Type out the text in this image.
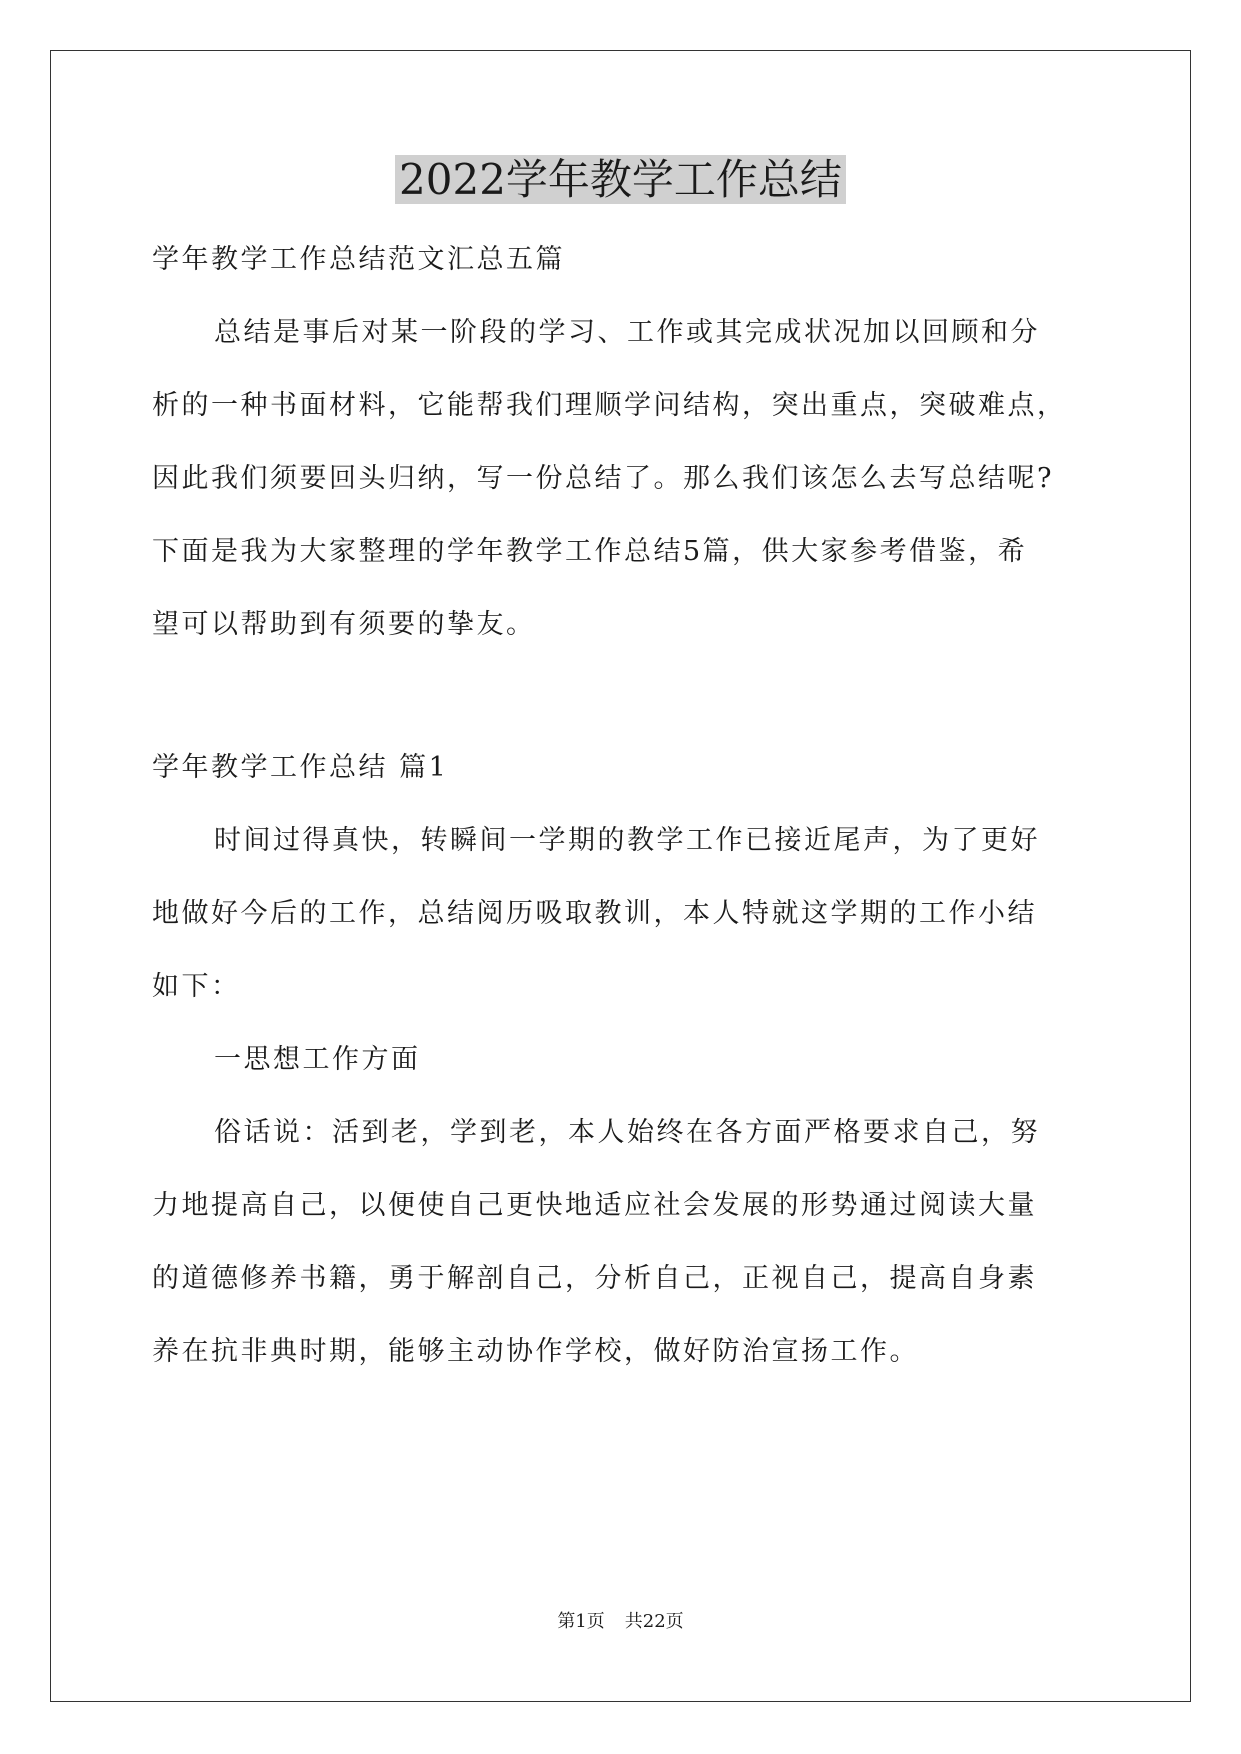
2022学年教学工作总结
学年教学工作总结范文汇总五篇
总结是事后对某一阶段的学习、工作或其完成状况加以回顾和分
析的一种书面材料，它能帮我们理顺学问结构，突出重点，突破难点，
因此我们须要回头归纳，写一份总结了。那么我们该怎么去写总结呢?
下面是我为大家整理的学年教学工作总结5篇，供大家参考借鉴，希
望可以帮助到有须要的挚友。
学年教学工作总结 篇1
时间过得真快，转瞬间一学期的教学工作已接近尾声，为了更好
地做好今后的工作，总结阅历吸取教训，本人特就这学期的工作小结
如下：
一思想工作方面
俗话说：活到老，学到老，本人始终在各方面严格要求自己，努
力地提高自己，以便使自己更快地适应社会发展的形势通过阅读大量
的道德修养书籍，勇于解剖自己，分析自己，正视自己，提高自身素
养在抗非典时期，能够主动协作学校，做好防治宣扬工作。
第1页 共22页
